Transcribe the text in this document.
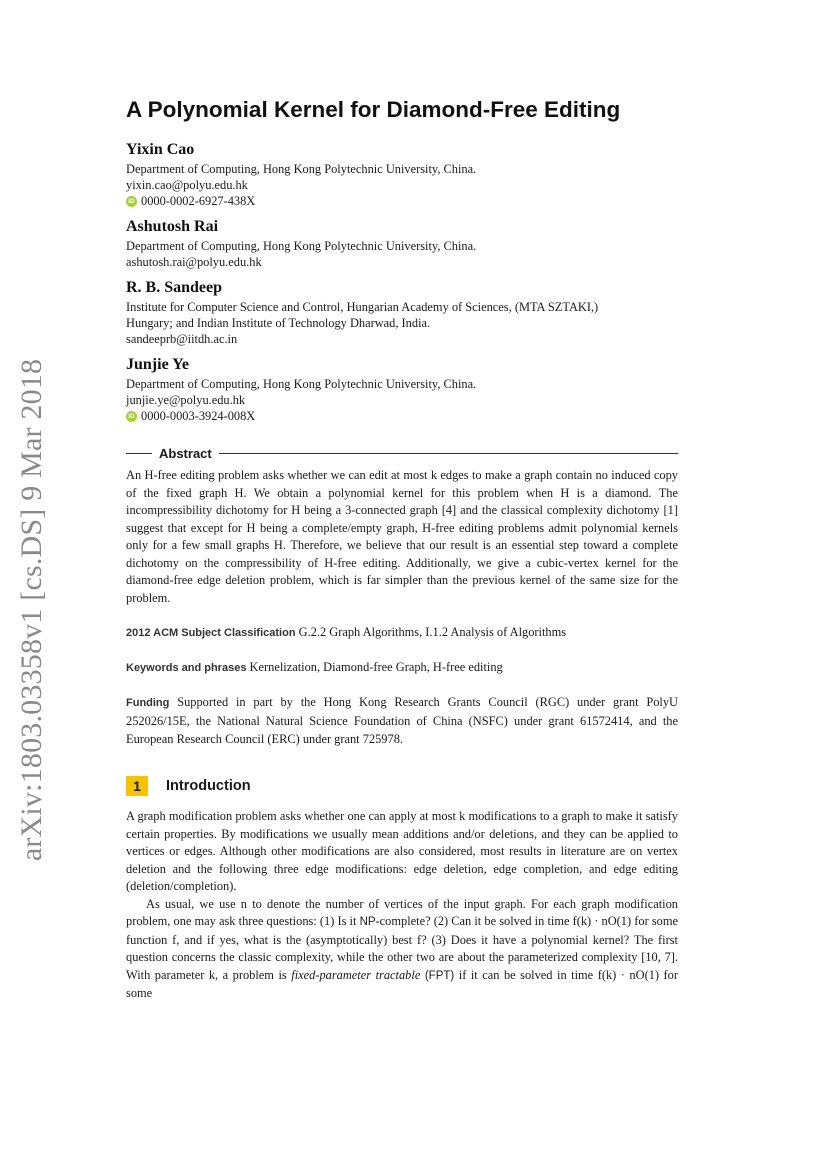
arXiv:1803.03358v1 [cs.DS] 9 Mar 2018
A Polynomial Kernel for Diamond-Free Editing
Yixin Cao
Department of Computing, Hong Kong Polytechnic University, China.
yixin.cao@polyu.edu.hk
iD 0000-0002-6927-438X
Ashutosh Rai
Department of Computing, Hong Kong Polytechnic University, China.
ashutosh.rai@polyu.edu.hk
R. B. Sandeep
Institute for Computer Science and Control, Hungarian Academy of Sciences, (MTA SZTAKI,)
Hungary; and Indian Institute of Technology Dharwad, India.
sandeeprb@iitdh.ac.in
Junjie Ye
Department of Computing, Hong Kong Polytechnic University, China.
junjie.ye@polyu.edu.hk
iD 0000-0003-3924-008X
Abstract

An H-free editing problem asks whether we can edit at most k edges to make a graph contain no induced copy of the fixed graph H. We obtain a polynomial kernel for this problem when H is a diamond. The incompressibility dichotomy for H being a 3-connected graph [4] and the classical complexity dichotomy [1] suggest that except for H being a complete/empty graph, H-free editing problems admit polynomial kernels only for a few small graphs H. Therefore, we believe that our result is an essential step toward a complete dichotomy on the compressibility of H-free editing. Additionally, we give a cubic-vertex kernel for the diamond-free edge deletion problem, which is far simpler than the previous kernel of the same size for the problem.

2012 ACM Subject Classification G.2.2 Graph Algorithms, I.1.2 Analysis of Algorithms
Keywords and phrases Kernelization, Diamond-free Graph, H-free editing
Funding Supported in part by the Hong Kong Research Grants Council (RGC) under grant PolyU 252026/15E, the National Natural Science Foundation of China (NSFC) under grant 61572414, and the European Research Council (ERC) under grant 725978.
1	Introduction

A graph modification problem asks whether one can apply at most k modifications to a graph to make it satisfy certain properties. By modifications we usually mean additions and/or deletions, and they can be applied to vertices or edges. Although other modifications are also considered, most results in literature are on vertex deletion and the following three edge modifications: edge deletion, edge completion, and edge editing (deletion/completion).

As usual, we use n to denote the number of vertices of the input graph. For each graph modification problem, one may ask three questions: (1) Is it NP-complete? (2) Can it be solved in time f(k) · nO(1) for some function f, and if yes, what is the (asymptotically) best f? (3) Does it have a polynomial kernel? The first question concerns the classic complexity, while the other two are about the parameterized complexity [10, 7]. With parameter k, a problem is fixed-parameter tractable (FPT) if it can be solved in time f(k) · nO(1) for some
